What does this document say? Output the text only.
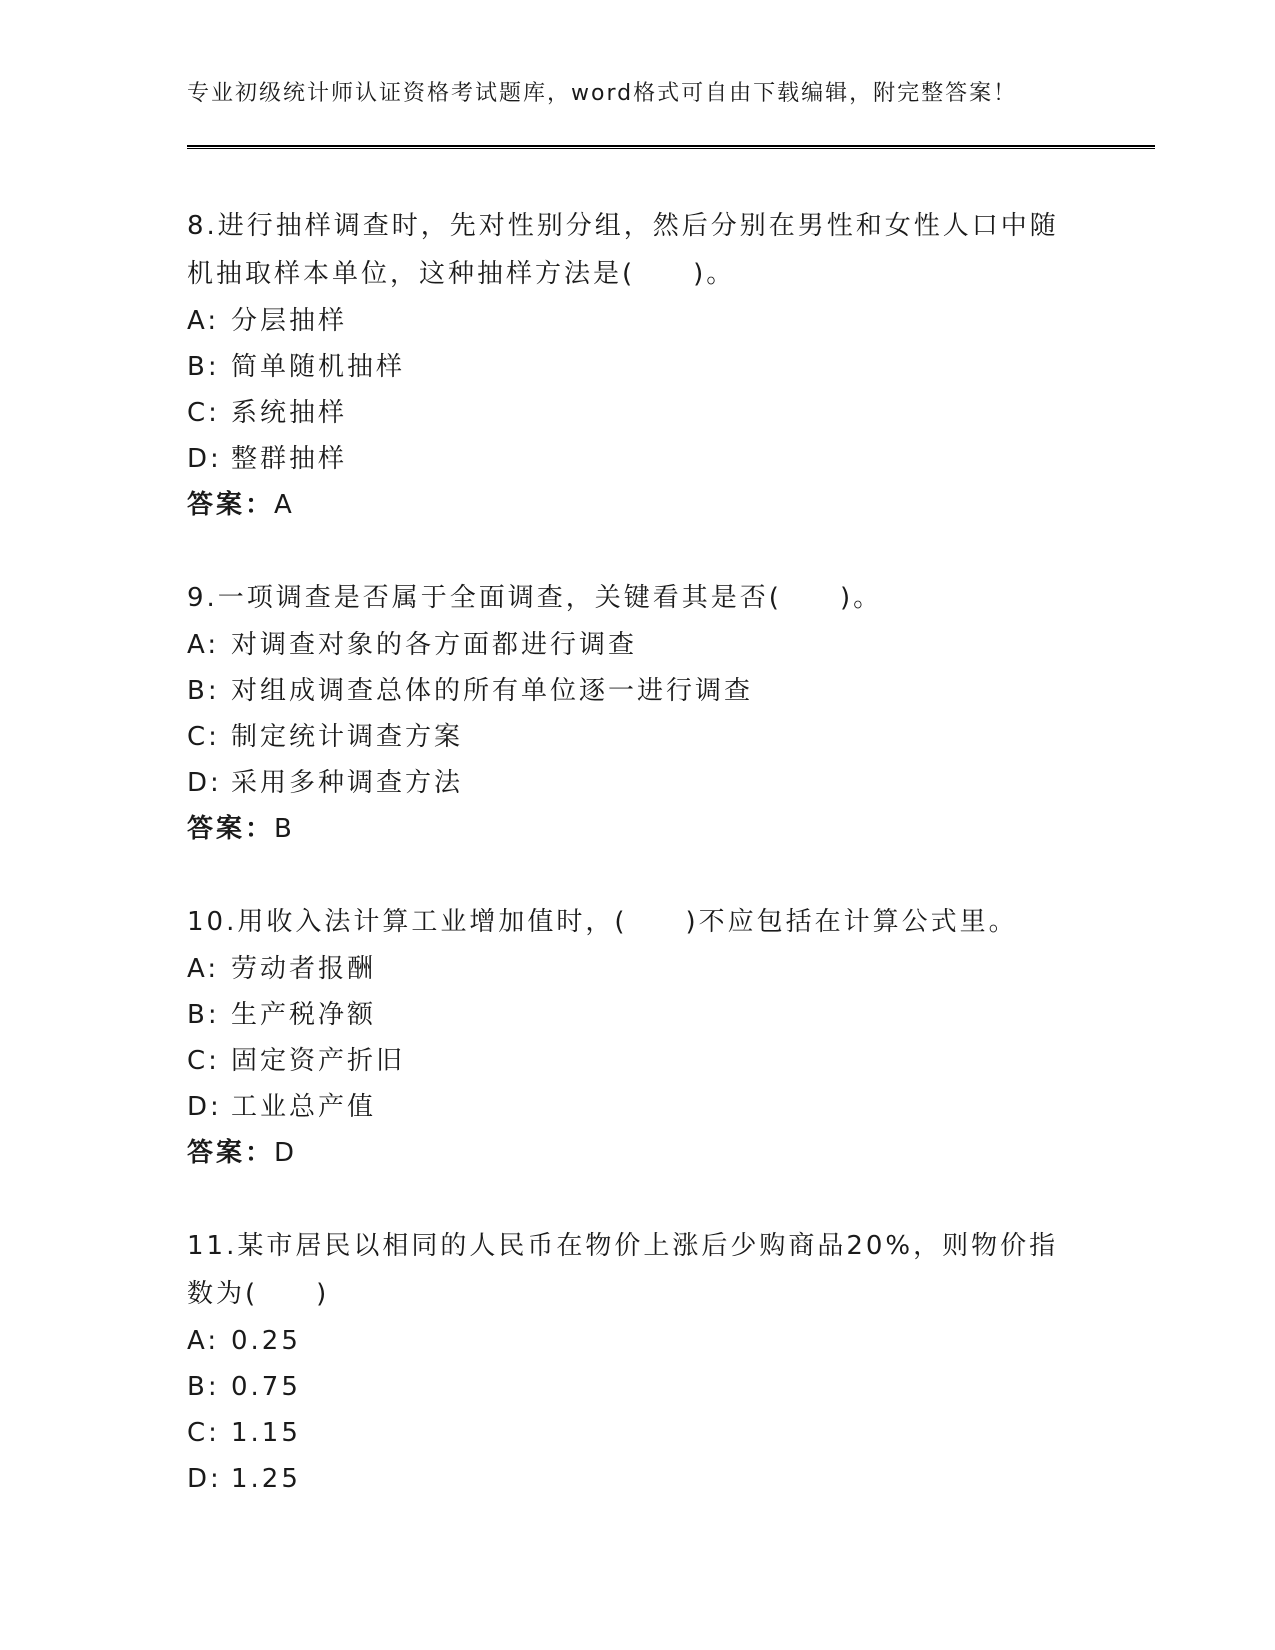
专业初级统计师认证资格考试题库，word格式可自由下载编辑，附完整答案！

8.进行抽样调查时，先对性别分组，然后分别在男性和女性人口中随机抽取样本单位，这种抽样方法是(　　)。

A: 分层抽样

B: 简单随机抽样

C: 系统抽样

D: 整群抽样

答案：A

9.一项调查是否属于全面调查，关键看其是否(　　)。

A: 对调查对象的各方面都进行调查

B: 对组成调查总体的所有单位逐一进行调查

C: 制定统计调查方案

D: 采用多种调查方法

答案：B

10.用收入法计算工业增加值时，(　　)不应包括在计算公式里。

A: 劳动者报酬

B: 生产税净额

C: 固定资产折旧

D: 工业总产值

答案：D

11.某市居民以相同的人民币在物价上涨后少购商品20%，则物价指数为(　　)

A: 0.25

B: 0.75

C: 1.15

D: 1.25
